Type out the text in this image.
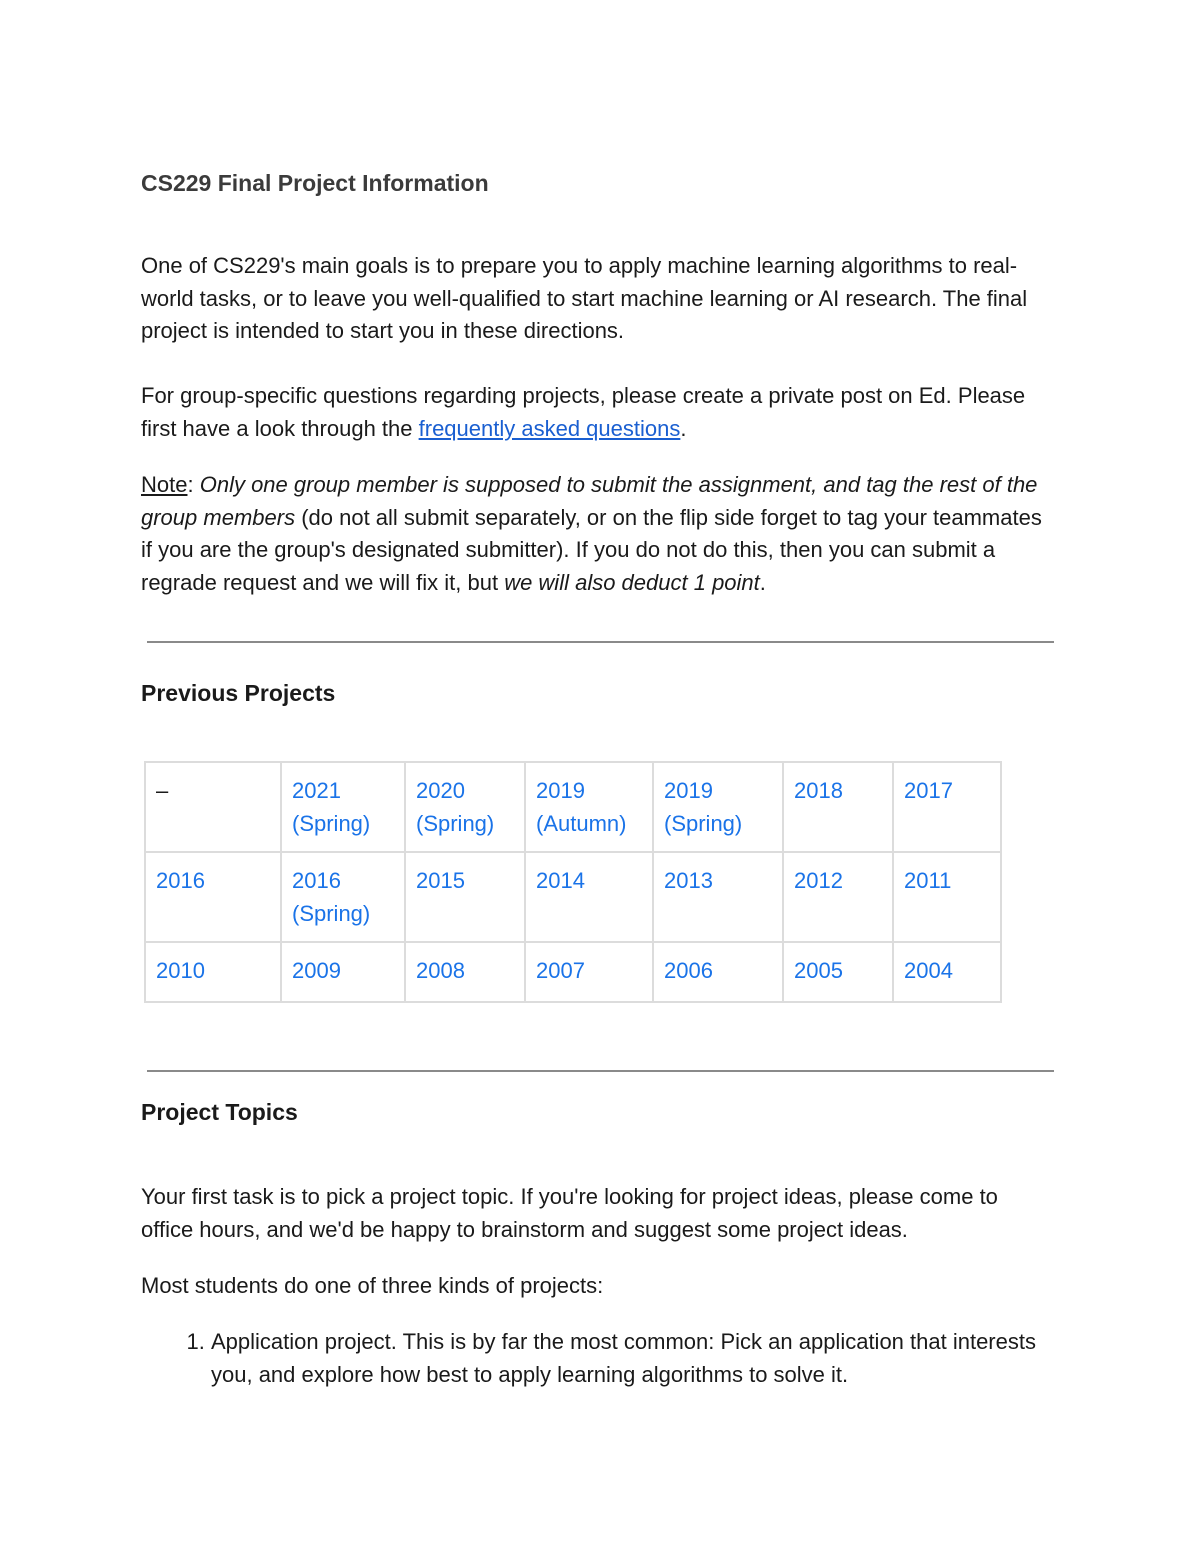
CS229 Final Project Information

One of CS229's main goals is to prepare you to apply machine learning algorithms to real-world tasks, or to leave you well-qualified to start machine learning or AI research. The final project is intended to start you in these directions.

For group-specific questions regarding projects, please create a private post on Ed. Please first have a look through the frequently asked questions.

Note: Only one group member is supposed to submit the assignment, and tag the rest of the group members (do not all submit separately, or on the flip side forget to tag your teammates if you are the group's designated submitter). If you do not do this, then you can submit a regrade request and we will fix it, but we will also deduct 1 point.

Previous Projects
–	2021 (Spring)	2020 (Spring)	2019 (Autumn)	2019 (Spring)	2018	2017
2016	2016 (Spring)	2015	2014	2013	2012	2011
2010	2009	2008	2007	2006	2005	2004
Project Topics

Your first task is to pick a project topic. If you're looking for project ideas, please come to office hours, and we'd be happy to brainstorm and suggest some project ideas.

Most students do one of three kinds of projects:

1. Application project. This is by far the most common: Pick an application that interests you, and explore how best to apply learning algorithms to solve it.
